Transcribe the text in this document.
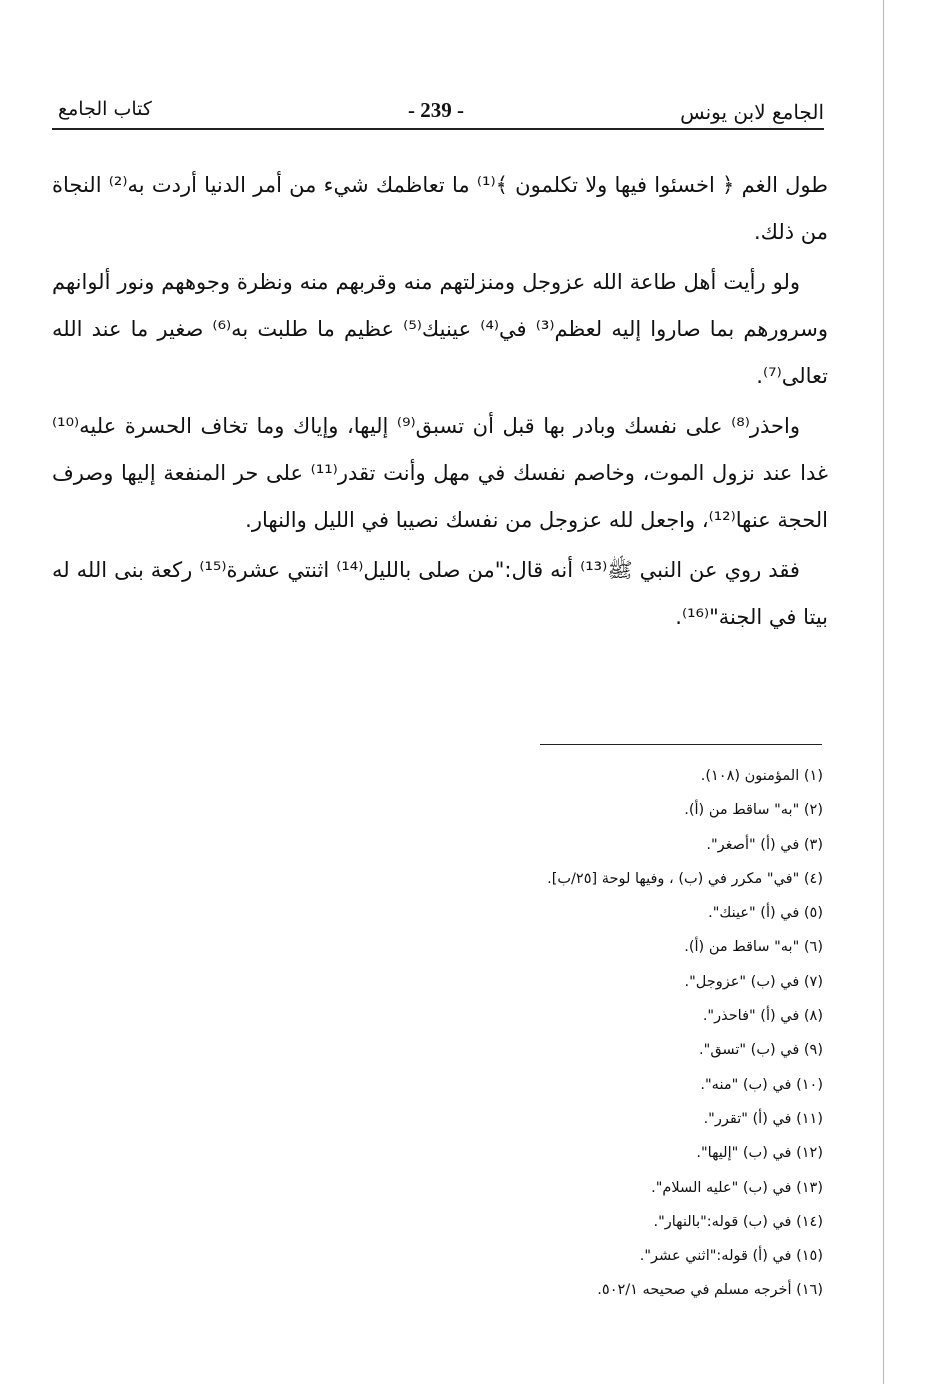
الجامع لابن يونس
- 239 -
كتاب الجامع

طول الغم ﴿ اخسئوا فيها ولا تكلمون ﴾⁽¹⁾ ما تعاظمك شيء من أمر الدنيا أردت به⁽²⁾ النجاة من ذلك.

ولو رأيت أهل طاعة الله عزوجل ومنزلتهم منه وقربهم منه ونظرة وجوههم ونور ألوانهم وسرورهم بما صاروا إليه لعظم⁽³⁾ في⁽⁴⁾ عينيك⁽⁵⁾ عظيم ما طلبت به⁽⁶⁾ صغير ما عند الله تعالى⁽⁷⁾.

واحذر⁽⁸⁾ على نفسك وبادر بها قبل أن تسبق⁽⁹⁾ إليها، وإياك وما تخاف الحسرة عليه⁽¹⁰⁾ غدا عند نزول الموت، وخاصم نفسك في مهل وأنت تقدر⁽¹¹⁾ على حر المنفعة إليها وصرف الحجة عنها⁽¹²⁾، واجعل لله عزوجل من نفسك نصيبا في الليل والنهار.

فقد روي عن النبي ﷺ⁽¹³⁾ أنه قال:"من صلى بالليل⁽¹⁴⁾ اثنتي عشرة⁽¹⁵⁾ ركعة بنى الله له بيتا في الجنة"⁽¹⁶⁾.

(١) المؤمنون (١٠٨).
(٢) "به" ساقط من (أ).
(٣) في (أ) "أصغر".
(٤) "في" مكرر في (ب) ، وفيها لوحة [٢٥/ب].
(٥) في (أ) "عينك".
(٦) "به" ساقط من (أ).
(٧) في (ب) "عزوجل".
(٨) في (أ) "فاحذر".
(٩) في (ب) "تسق".
(١٠) في (ب) "منه".
(١١) في (أ) "تقرر".
(١٢) في (ب) "إليها".
(١٣) في (ب) "عليه السلام".
(١٤) في (ب) قوله:"بالنهار".
(١٥) في (أ) قوله:"اثني عشر".
(١٦) أخرجه مسلم في صحيحه ٥٠٢/١.
